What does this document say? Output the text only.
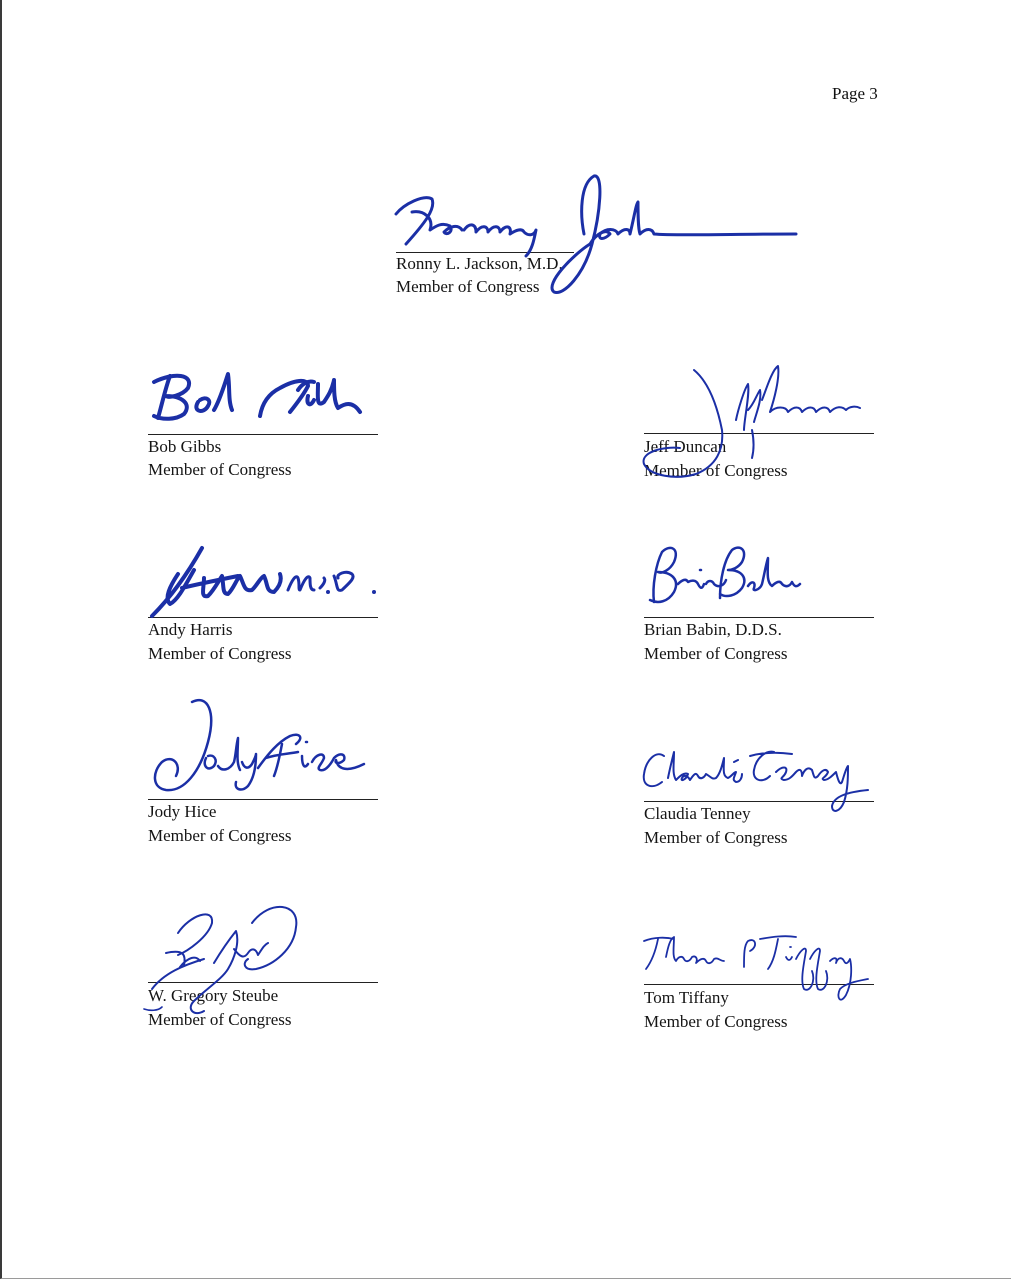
Page 3
Ronny L. Jackson, M.D.
Member of Congress
Bob Gibbs
Member of Congress
Jeff Duncan
Member of Congress
Andy Harris
Member of Congress
Brian Babin, D.D.S.
Member of Congress
Jody Hice
Member of Congress
Claudia Tenney
Member of Congress
W. Gregory Steube
Member of Congress
Tom Tiffany
Member of Congress
